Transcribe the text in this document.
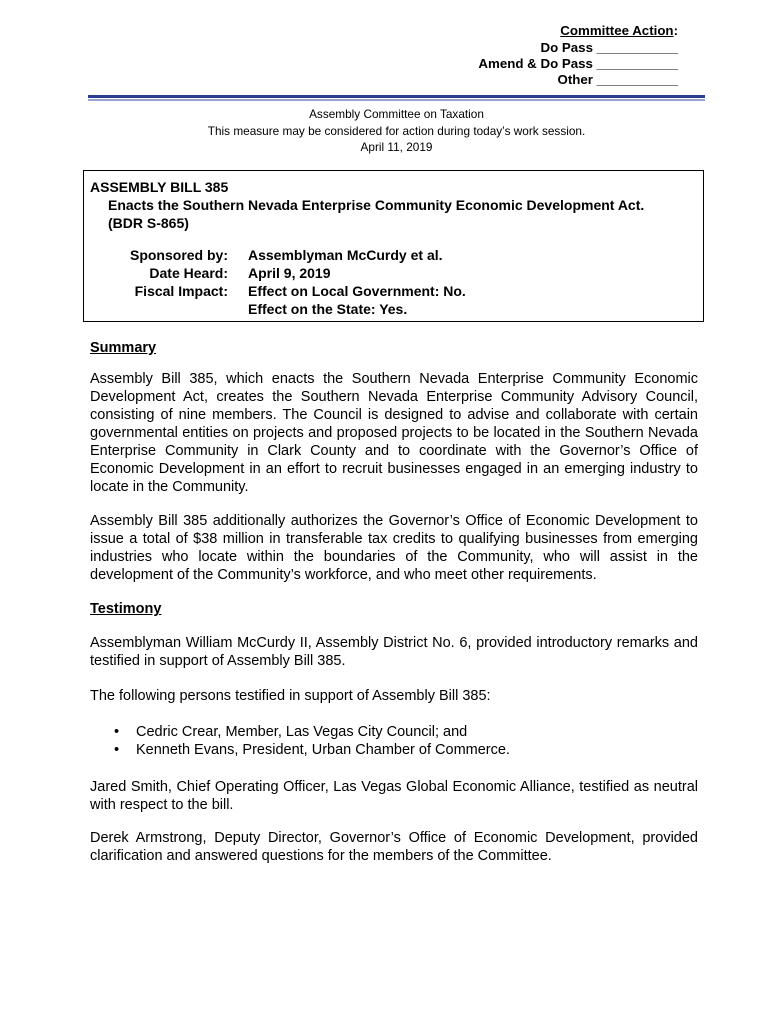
Committee Action:
Do Pass ___________
Amend & Do Pass ___________
Other ___________
Assembly Committee on Taxation
This measure may be considered for action during today’s work session.
April 11, 2019
ASSEMBLY BILL 385
Enacts the Southern Nevada Enterprise Community Economic Development Act.
(BDR S-865)
Sponsored by: Assemblyman McCurdy et al.
Date Heard: April 9, 2019
Fiscal Impact: Effect on Local Government: No.
Effect on the State: Yes.
Summary

Assembly Bill 385, which enacts the Southern Nevada Enterprise Community Economic Development Act, creates the Southern Nevada Enterprise Community Advisory Council, consisting of nine members. The Council is designed to advise and collaborate with certain governmental entities on projects and proposed projects to be located in the Southern Nevada Enterprise Community in Clark County and to coordinate with the Governor’s Office of Economic Development in an effort to recruit businesses engaged in an emerging industry to locate in the Community.

Assembly Bill 385 additionally authorizes the Governor’s Office of Economic Development to issue a total of $38 million in transferable tax credits to qualifying businesses from emerging industries who locate within the boundaries of the Community, who will assist in the development of the Community’s workforce, and who meet other requirements.

Testimony

Assemblyman William McCurdy II, Assembly District No. 6, provided introductory remarks and testified in support of Assembly Bill 385.

The following persons testified in support of Assembly Bill 385:

• Cedric Crear, Member, Las Vegas City Council; and
• Kenneth Evans, President, Urban Chamber of Commerce.

Jared Smith, Chief Operating Officer, Las Vegas Global Economic Alliance, testified as neutral with respect to the bill.

Derek Armstrong, Deputy Director, Governor’s Office of Economic Development, provided clarification and answered questions for the members of the Committee.
